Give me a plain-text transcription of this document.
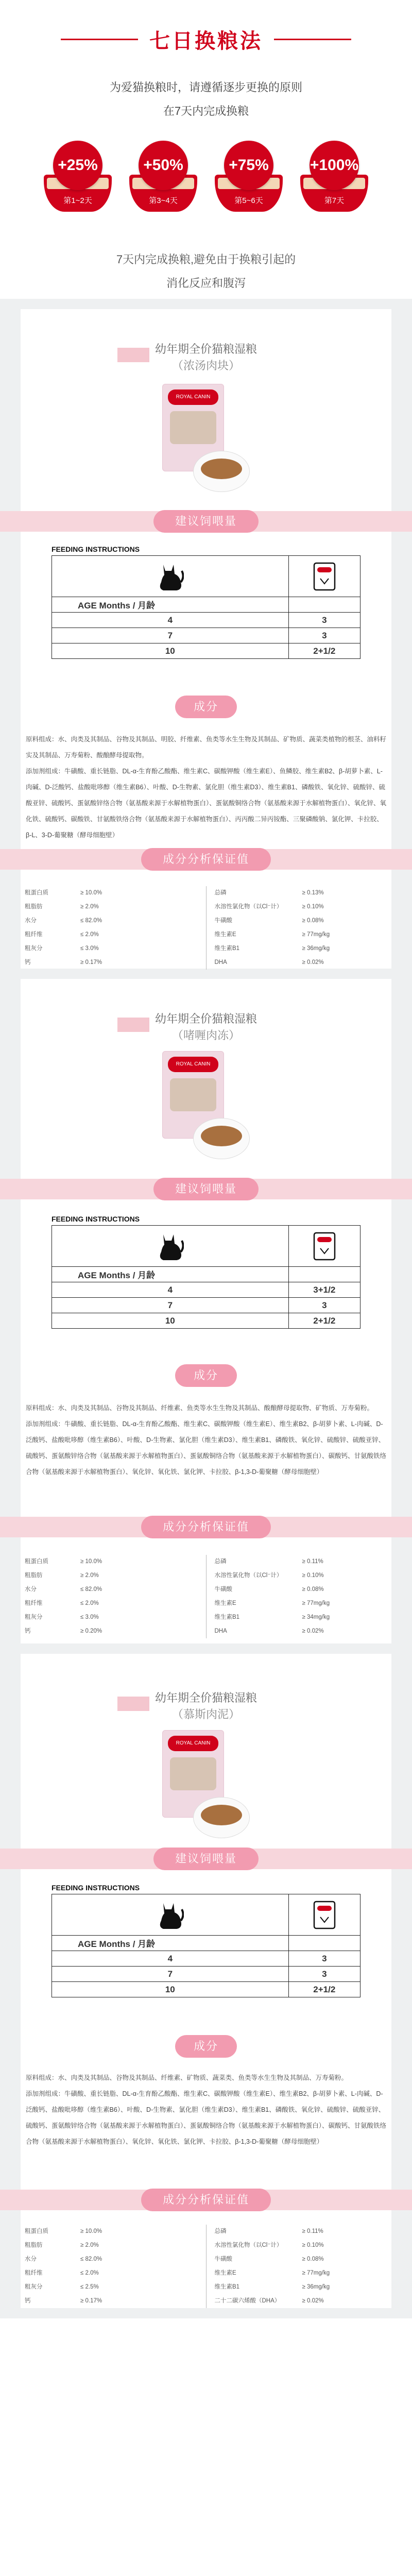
七日换粮法
为爱猫换粮时，请遵循逐步更换的原则
在7天内完成换粮
+25%
第1~2天
+50%
第3~4天
+75%
第5~6天
+100%
第7天
7天内完成换粮,避免由于换粮引起的
消化反应和腹泻
幼年期全价猫粮湿粮
（浓汤肉块）
ROYAL CANIN
建议饲喂量
FEEDING INSTRUCTIONS

AGE Months / 月龄	
4	3
7	3
10	2+1/2
成分
原料组成：水、肉类及其制品、谷物及其制品、明胶、纤维素、鱼类等水生生物及其制品、矿物质、蔬菜类植物的根茎、油料籽实及其制品、万寿菊粉、酸酿酵母提取物。
添加剂组成：牛磺酸、重长链脂、DL-α-生育酚乙酸酯、维生素C、碳酸钾酸（维生素E）、鱼鳞胶、维生素B2、β-胡萝卜素、L-肉碱、D-泛酸钙、盐酸吡哆醇（维生素B6）、叶酸、D-生物素、氯化胆（维生素D3）、维生素B1、磷酸铁、氧化锌、硫酸锌、硫酸亚锌、硫酸钙、蛋氨酸锌络合物（氨基酸来源于水解植物蛋白）、蛋氨酸铜络合物（氨基酸来源于水解植物蛋白）、氧化锌、氧化铁、硫酸钙、碳酸铁、甘氨酸铁络合物（氨基酸来源于水解植物蛋白）、丙丙酸二异丙铵酯、三聚磷酸钠、氯化钾、卡拉胶、β-L、3-D-葡聚糖（酵母细胞壁）
成分分析保证值
粗蛋白质	≥ 10.0%	总磷	≥ 0.13%
粗脂肪	≥ 2.0%	水溶性氯化物（以Cl⁻计）	≥ 0.10%
水分	≤ 82.0%	牛磺酸	≥ 0.08%
粗纤维	≤ 2.0%	维生素E	≥ 77mg/kg
粗灰分	≤ 3.0%	维生素B1	≥ 36mg/kg
钙	≥ 0.17%	DHA	≥ 0.02%
幼年期全价猫粮湿粮
（啫喱肉冻）
ROYAL CANIN
建议饲喂量
FEEDING INSTRUCTIONS

AGE Months / 月龄	
4	3+1/2
7	3
10	2+1/2
成分
原料组成：水、肉类及其制品、谷物及其制品、纤维素、鱼类等水生生物及其制品、酸酿酵母提取物、矿物质、万寿菊粉。
添加剂组成：牛磺酸、重长链脂、DL-α-生育酚乙酸酯、维生素C、碳酸钾酸（维生素E）、维生素B2、β-胡萝卜素、L-肉碱、D-泛酸钙、盐酸吡哆醇（维生素B6）、叶酸、D-生物素、氯化胆（维生素D3）、维生素B1、磷酸铁、氧化锌、硫酸锌、硫酸亚锌、硫酸钙、蛋氨酸锌络合物（氨基酸来源于水解植物蛋白）、蛋氨酸铜络合物（氨基酸来源于水解植物蛋白）、碳酸钙、甘氨酸铁络合物（氨基酸来源于水解植物蛋白）、氧化锌、氧化铁、氯化钾、卡拉胶、β-1,3-D-葡聚糖（酵母细胞壁）
成分分析保证值
粗蛋白质	≥ 10.0%	总磷	≥ 0.11%
粗脂肪	≥ 2.0%	水溶性氯化物（以Cl⁻计）	≥ 0.10%
水分	≤ 82.0%	牛磺酸	≥ 0.08%
粗纤维	≤ 2.0%	维生素E	≥ 77mg/kg
粗灰分	≤ 3.0%	维生素B1	≥ 34mg/kg
钙	≥ 0.20%	DHA	≥ 0.02%
幼年期全价猫粮湿粮
（慕斯肉泥）
ROYAL CANIN
建议饲喂量
FEEDING INSTRUCTIONS

AGE Months / 月龄	
4	3
7	3
10	2+1/2
成分
原料组成：水、肉类及其制品、谷物及其制品、纤维素、矿物质、蔬菜类、鱼类等水生生物及其制品、万寿菊粉。
添加剂组成：牛磺酸、重长链脂、DL-α-生育酚乙酸酯、维生素C、碳酸钾酸（维生素E）、维生素B2、β-胡萝卜素、L-肉碱、D-泛酸钙、盐酸吡哆醇（维生素B6）、叶酸、D-生物素、氯化胆（维生素D3）、维生素B1、磷酸铁、氧化锌、硫酸锌、硫酸亚锌、硫酸钙、蛋氨酸锌络合物（氨基酸来源于水解植物蛋白）、蛋氨酸铜络合物（氨基酸来源于水解植物蛋白）、碳酸钙、甘氨酸铁络合物（氨基酸来源于水解植物蛋白）、氧化锌、氧化铁、氯化钾、卡拉胶、β-1,3-D-葡聚糖（酵母细胞壁）
成分分析保证值
粗蛋白质	≥ 10.0%	总磷	≥ 0.11%
粗脂肪	≥ 2.0%	水溶性氯化物（以Cl⁻计）	≥ 0.10%
水分	≤ 82.0%	牛磺酸	≥ 0.08%
粗纤维	≤ 2.0%	维生素E	≥ 77mg/kg
粗灰分	≤ 2.5%	维生素B1	≥ 36mg/kg
钙	≥ 0.17%	二十二碳六烯酸（DHA）	≥ 0.02%
